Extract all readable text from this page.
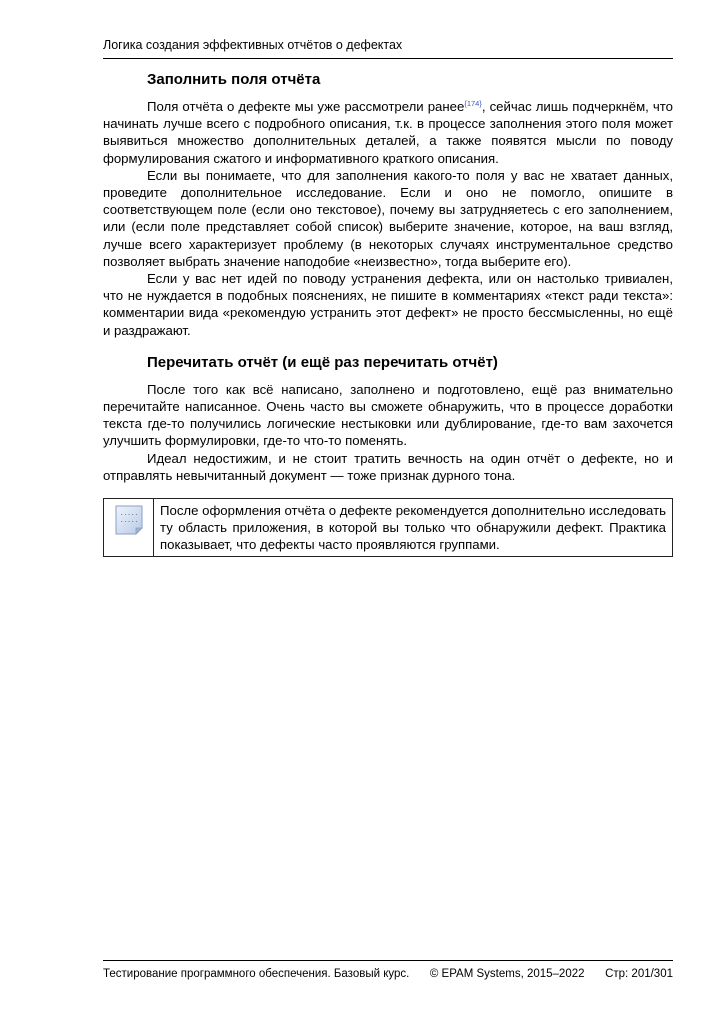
Логика создания эффективных отчётов о дефектах
Заполнить поля отчёта

Поля отчёта о дефекте мы уже рассмотрели ранее$^{\{174\}}$, сейчас лишь подчеркнём, что начинать лучше всего с подробного описания, т.к. в процессе заполнения этого поля может выявиться множество дополнительных деталей, а также появятся мысли по поводу формулирования сжатого и информативного краткого описания.

Если вы понимаете, что для заполнения какого-то поля у вас не хватает данных, проведите дополнительное исследование. Если и оно не помогло, опишите в соответствующем поле (если оно текстовое), почему вы затрудняетесь с его заполнением, или (если поле представляет собой список) выберите значение, которое, на ваш взгляд, лучше всего характеризует проблему (в некоторых случаях инструментальное средство позволяет выбрать значение наподобие «неизвестно», тогда выберите его).

Если у вас нет идей по поводу устранения дефекта, или он настолько тривиален, что не нуждается в подобных пояснениях, не пишите в комментариях «текст ради текста»: комментарии вида «рекомендую устранить этот дефект» не просто бессмысленны, но ещё и раздражают.

Перечитать отчёт (и ещё раз перечитать отчёт)

После того как всё написано, заполнено и подготовлено, ещё раз внимательно перечитайте написанное. Очень часто вы сможете обнаружить, что в процессе доработки текста где-то получились логические нестыковки или дублирование, где-то вам захочется улучшить формулировки, где-то что-то поменять.

Идеал недостижим, и не стоит тратить вечность на один отчёт о дефекте, но и отправлять невычитанный документ — тоже признак дурного тона.

.....
.....
После оформления отчёта о дефекте рекомендуется дополнительно исследовать ту область приложения, в которой вы только что обнаружили дефект. Практика показывает, что дефекты часто проявляются группами.
Тестирование программного обеспечения. Базовый курс. © EPAM Systems, 2015–2022 Стр: 201/301
